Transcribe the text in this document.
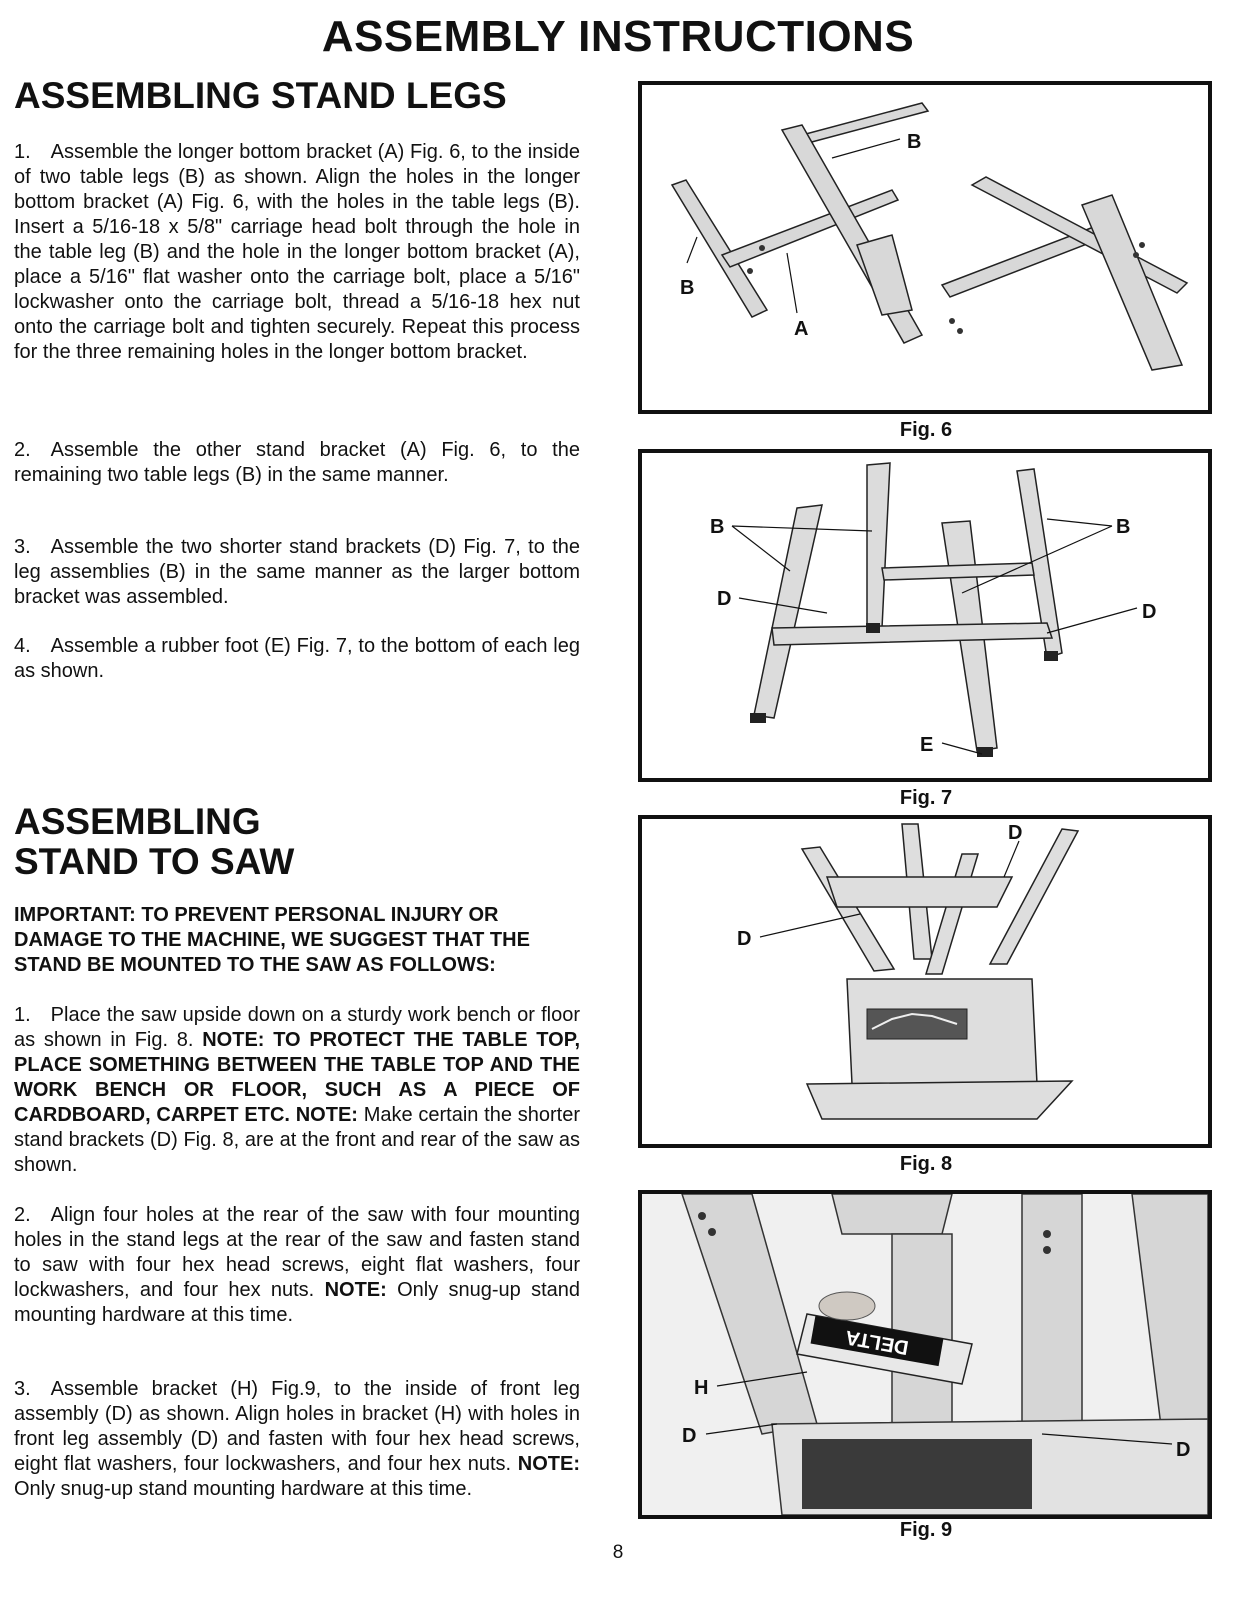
ASSEMBLY INSTRUCTIONS
ASSEMBLING STAND LEGS

1. Assemble the longer bottom bracket (A) Fig. 6, to the inside of two table legs (B) as shown. Align the holes in the longer bottom bracket (A) Fig. 6, with the holes in the table legs (B). Insert a 5/16-18 x 5/8" carriage head bolt through the hole in the table leg (B) and the hole in the longer bottom bracket (A), place a 5/16" flat washer onto the carriage bolt, place a 5/16" lockwasher onto the carriage bolt, thread a 5/16-18 hex nut onto the carriage bolt and tighten securely. Repeat this process for the three remaining holes in the longer bottom bracket.

2. Assemble the other stand bracket (A) Fig. 6, to the remaining two table legs (B) in the same manner.

3. Assemble the two shorter stand brackets (D) Fig. 7, to the leg assemblies (B) in the same manner as the larger bottom bracket was assembled.

4. Assemble a rubber foot (E) Fig. 7, to the bottom of each leg as shown.

ASSEMBLING
STAND TO SAW
IMPORTANT: TO PREVENT PERSONAL INJURY OR DAMAGE TO THE MACHINE, WE SUGGEST THAT THE STAND BE MOUNTED TO THE SAW AS FOLLOWS:

1. Place the saw upside down on a sturdy work bench or floor as shown in Fig. 8. NOTE: TO PROTECT THE TABLE TOP, PLACE SOMETHING BETWEEN THE TABLE TOP AND THE WORK BENCH OR FLOOR, SUCH AS A PIECE OF CARDBOARD, CARPET ETC. NOTE: Make certain the shorter stand brackets (D) Fig. 8, are at the front and rear of the saw as shown.

2. Align four holes at the rear of the saw with four mounting holes in the stand legs at the rear of the saw and fasten stand to saw with four hex head screws, eight flat washers, four lockwashers, and four hex nuts. NOTE: Only snug-up stand mounting hardware at this time.

3. Assemble bracket (H) Fig.9, to the inside of front leg assembly (D) as shown. Align holes in bracket (H) with holes in front leg assembly (D) and fasten with four hex head screws, eight flat washers, four lockwashers, and four hex nuts. NOTE: Only snug-up stand mounting hardware at this time.

B
B
A
Fig. 6
B	B
D
D
E
Fig. 7
D
D
Fig. 8
DELTA
H
D
D
Fig. 9
8
